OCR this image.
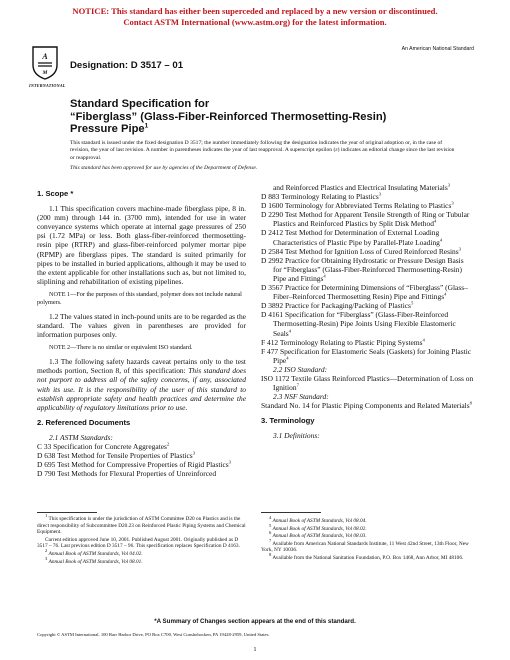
NOTICE: This standard has either been superceded and replaced by a new version or discontinued.
Contact ASTM International (www.astm.org) for the latest information.
A
M
INTERNATIONAL
Designation: D 3517 – 01
An American National Standard
Standard Specification for
“Fiberglass” (Glass-Fiber-Reinforced Thermosetting-Resin)
Pressure Pipe$^1$
This standard is issued under the fixed designation D 3517; the number immediately following the designation indicates the year of original adoption or, in the case of revision, the year of last revision. A number in parentheses indicates the year of last reapproval. A superscript epsilon (ε) indicates an editorial change since the last revision or reapproval.
This standard has been approved for use by agencies of the Department of Defense.

1. Scope *

1.1 This specification covers machine-made fiberglass pipe, 8 in. (200 mm) through 144 in. (3700 mm), intended for use in water conveyance systems which operate at internal gage pressures of 250 psi (1.72 MPa) or less. Both glass-fiber-reinforced thermosetting-resin pipe (RTRP) and glass-fiber-reinforced polymer mortar pipe (RPMP) are fiberglass pipes. The standard is suited primarily for pipes to be installed in buried applications, although it may be used to the extent applicable for other installations such as, but not limited to, sliplining and rehabilitation of existing pipelines.

NOTE 1—For the purposes of this standard, polymer does not include natural polymers.

1.2 The values stated in inch-pound units are to be regarded as the standard. The values given in parentheses are provided for information purposes only.

NOTE 2—There is no similar or equivalent ISO standard.

1.3 The following safety hazards caveat pertains only to the test methods portion, Section 8, of this specification: This standard does not purport to address all of the safety concerns, if any, associated with its use. It is the responsibility of the user of this standard to establish appropriate safety and health practices and determine the applicability of regulatory limitations prior to use.

2. Referenced Documents

2.1 ASTM Standards:

C 33 Specification for Concrete Aggregates$^2$

D 638 Test Method for Tensile Properties of Plastics$^3$

D 695 Test Method for Compressive Properties of Rigid Plastics$^3$

D 790 Test Methods for Flexural Properties of Unreinforced

and Reinforced Plastics and Electrical Insulating Materials$^3$

D 883 Terminology Relating to Plastics$^3$

D 1600 Terminology for Abbreviated Terms Relating to Plastics$^3$

D 2290 Test Method for Apparent Tensile Strength of Ring or Tubular Plastics and Reinforced Plastics by Split Disk Method$^4$

D 2412 Test Method for Determination of External Loading Characteristics of Plastic Pipe by Parallel-Plate Loading$^4$

D 2584 Test Method for Ignition Loss of Cured Reinforced Resins$^3$

D 2992 Practice for Obtaining Hydrostatic or Pressure Design Basis for “Fiberglass” (Glass-Fiber-Reinforced Thermosetting-Resin) Pipe and Fittings$^4$

D 3567 Practice for Determining Dimensions of “Fiberglass” (Glass–Fiber–Reinforced Thermosetting Resin) Pipe and Fittings$^4$

D 3892 Practice for Packaging/Packing of Plastics$^5$

D 4161 Specification for “Fiberglass” (Glass-Fiber-Reinforced Thermosetting-Resin) Pipe Joints Using Flexible Elastomeric Seals$^4$

F 412 Terminology Relating to Plastic Piping Systems$^4$

F 477 Specification for Elastomeric Seals (Gaskets) for Joining Plastic Pipe$^4$

2.2 ISO Standard:

ISO 1172 Textile Glass Reinforced Plastics—Determination of Loss on Ignition$^7$

2.3 NSF Standard:

Standard No. 14 for Plastic Piping Components and Related Materials$^8$

3. Terminology

3.1 Definitions:

$^1$ This specification is under the jurisdiction of ASTM Committee D20 on Plastics and is the direct responsibility of Subcommittee D20.23 on Reinforced Plastic Piping Systems and Chemical Equipment.

Current edition approved June 10, 2001. Published August 2001. Originally published as D 3517 – 76. Last previous edition D 3517 – 96. This specification replaces Specification D 4163.

$^2$ Annual Book of ASTM Standards, Vol 04.02.

$^3$ Annual Book of ASTM Standards, Vol 08.01.

$^4$ Annual Book of ASTM Standards, Vol 08.04.

$^5$ Annual Book of ASTM Standards, Vol 08.02.

$^6$ Annual Book of ASTM Standards, Vol 08.03.

$^7$ Available from American National Standards Institute, 11 West 42nd Street, 13th Floor, New York, NY 10036.

$^8$ Available from the National Sanitation Foundation, P.O. Box 1468, Ann Arbor, MI 48106.

*A Summary of Changes section appears at the end of this standard.
Copyright © ASTM International, 100 Barr Harbor Drive, PO Box C700, West Conshohocken, PA 19428-2959, United States.
1
